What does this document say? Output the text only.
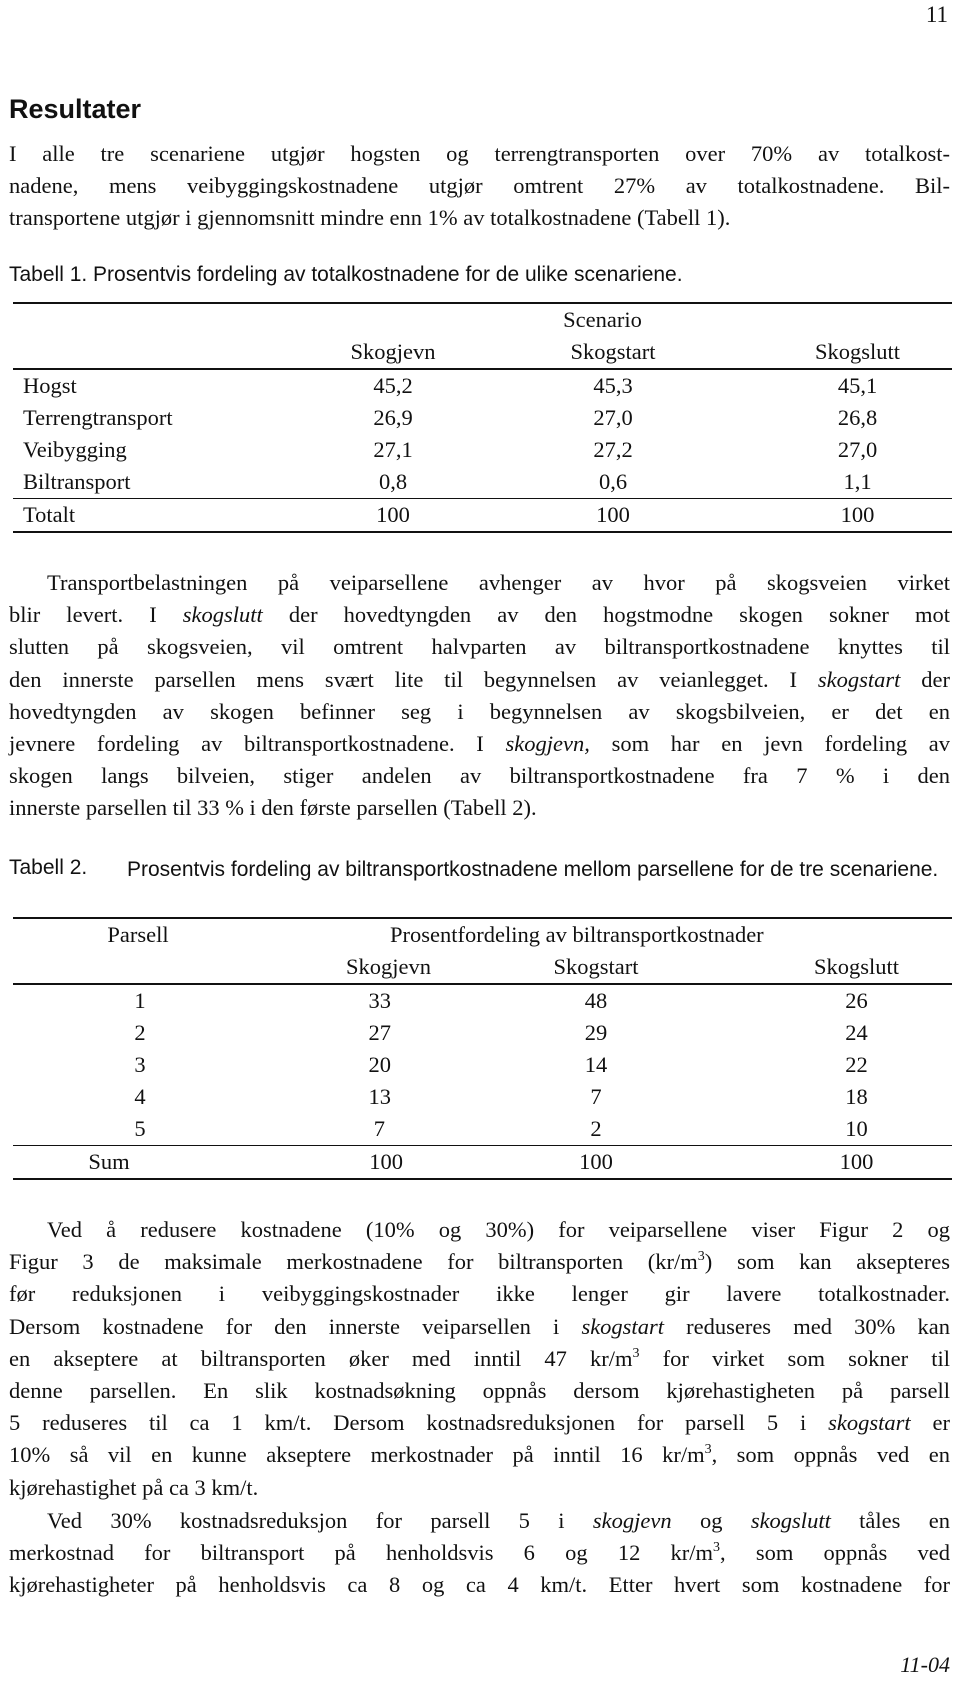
11
Resultater
I alle tre scenariene utgjør hogsten og terrengtransporten over 70% av totalkost-
nadene, mens veibyggingskostnadene utgjør omtrent 27% av totalkostnadene. Bil-
transportene utgjør i gjennomsnitt mindre enn 1% av totalkostnadene (Tabell 1).
Tabell 1. Prosentvis fordeling av totalkostnadene for de ulike scenariene.
Scenario			
	Skogjevn	Skogstart	Skogslutt
Hogst	45,2	45,3	45,1
Terrengtransport	26,9	27,0	26,8
Veibygging	27,1	27,2	27,0
Biltransport	0,8	0,6	1,1
Totalt	100	100	100
Transportbelastningen på veiparsellene avhenger av hvor på skogsveien virket
blir levert. I skogslutt der hovedtyngden av den hogstmodne skogen sokner mot
slutten på skogsveien, vil omtrent halvparten av biltransportkostnadene knyttes til
den innerste parsellen mens svært lite til begynnelsen av veianlegget. I skogstart der
hovedtyngden av skogen befinner seg i begynnelsen av skogsbilveien, er det en
jevnere fordeling av biltransportkostnadene. I skogjevn, som har en jevn fordeling av
skogen langs bilveien, stiger andelen av biltransportkostnadene fra 7 % i den
innerste parsellen til 33 % i den første parsellen (Tabell 2).
Tabell 2. Prosentvis fordeling av biltransportkostnadene mellom parsellene for de tre scenariene.
Parsell	Prosentfordeling av biltransportkostnader		
	Skogjevn	Skogstart	Skogslutt
1	33	48	26
2	27	29	24
3	20	14	22
4	13	7	18
5	7	2	10
Sum	100	100	100
Ved å redusere kostnadene (10% og 30%) for veiparsellene viser Figur 2 og
Figur 3 de maksimale merkostnadene for biltransporten $(kr/m^3)$ som kan aksepteres
før reduksjonen i veibyggingskostnader ikke lenger gir lavere totalkostnader.
Dersom kostnadene for den innerste veiparsellen i skogstart reduseres med 30% kan
en akseptere at biltransporten øker med inntil 47 $kr/m^3$ for virket som sokner til
denne parsellen. En slik kostnadsøkning oppnås dersom kjørehastigheten på parsell
5 reduseres til ca 1 km/t. Dersom kostnadsreduksjonen for parsell 5 i skogstart er
10% så vil en kunne akseptere merkostnader på inntil 16 $kr/m^3$, som oppnås ved en
kjørehastighet på ca 3 km/t.
Ved 30% kostnadsreduksjon for parsell 5 i skogjevn og skogslutt tåles en
merkostnad for biltransport på henholdsvis 6 og 12 $kr/m^3$, som oppnås ved
kjørehastigheter på henholdsvis ca 8 og ca 4 km/t. Etter hvert som kostnadene for
11-04
